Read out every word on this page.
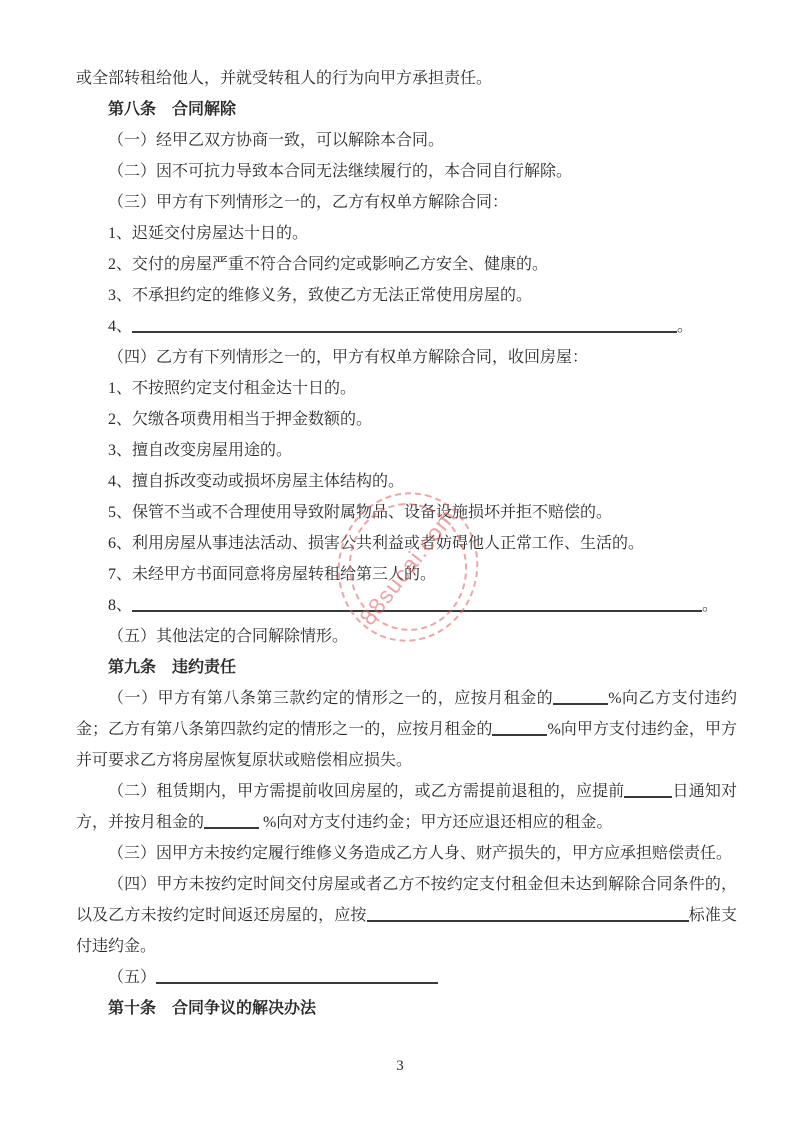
或全部转租给他人，并就受转租人的行为向甲方承担责任。

第八条　合同解除

（一）经甲乙双方协商一致，可以解除本合同。

（二）因不可抗力导致本合同无法继续履行的，本合同自行解除。

（三）甲方有下列情形之一的，乙方有权单方解除合同：

1、迟延交付房屋达十日的。

2、交付的房屋严重不符合合同约定或影响乙方安全、健康的。

3、不承担约定的维修义务，致使乙方无法正常使用房屋的。

4、	。

（四）乙方有下列情形之一的，甲方有权单方解除合同，收回房屋：

1、不按照约定支付租金达十日的。

2、欠缴各项费用相当于押金数额的。

3、擅自改变房屋用途的。

4、擅自拆改变动或损坏房屋主体结构的。

5、保管不当或不合理使用导致附属物品、设备设施损坏并拒不赔偿的。

6、利用房屋从事违法活动、损害公共利益或者妨碍他人正常工作、生活的。

7、未经甲方书面同意将房屋转租给第三人的。

8、	。

（五）其他法定的合同解除情形。

第九条　违约责任

（一）甲方有第八条第三款约定的情形之一的，应按月租金的	%向乙方支付违约金；乙方有第八条第四款约定的情形之一的，应按月租金的	%向甲方支付违约金，甲方并可要求乙方将房屋恢复原状或赔偿相应损失。

（二）租赁期内，甲方需提前收回房屋的，或乙方需提前退租的，应提前	日通知对方，并按月租金的	%向对方支付违约金；甲方还应退还相应的租金。

（三）因甲方未按约定履行维修义务造成乙方人身、财产损失的，甲方应承担赔偿责任。

（四）甲方未按约定时间交付房屋或者乙方不按约定支付租金但未达到解除合同条件的，以及乙方未按约定时间返还房屋的，应按	标准支付违约金。

（五）

第十条　合同争议的解决办法

88sucai.com
3
